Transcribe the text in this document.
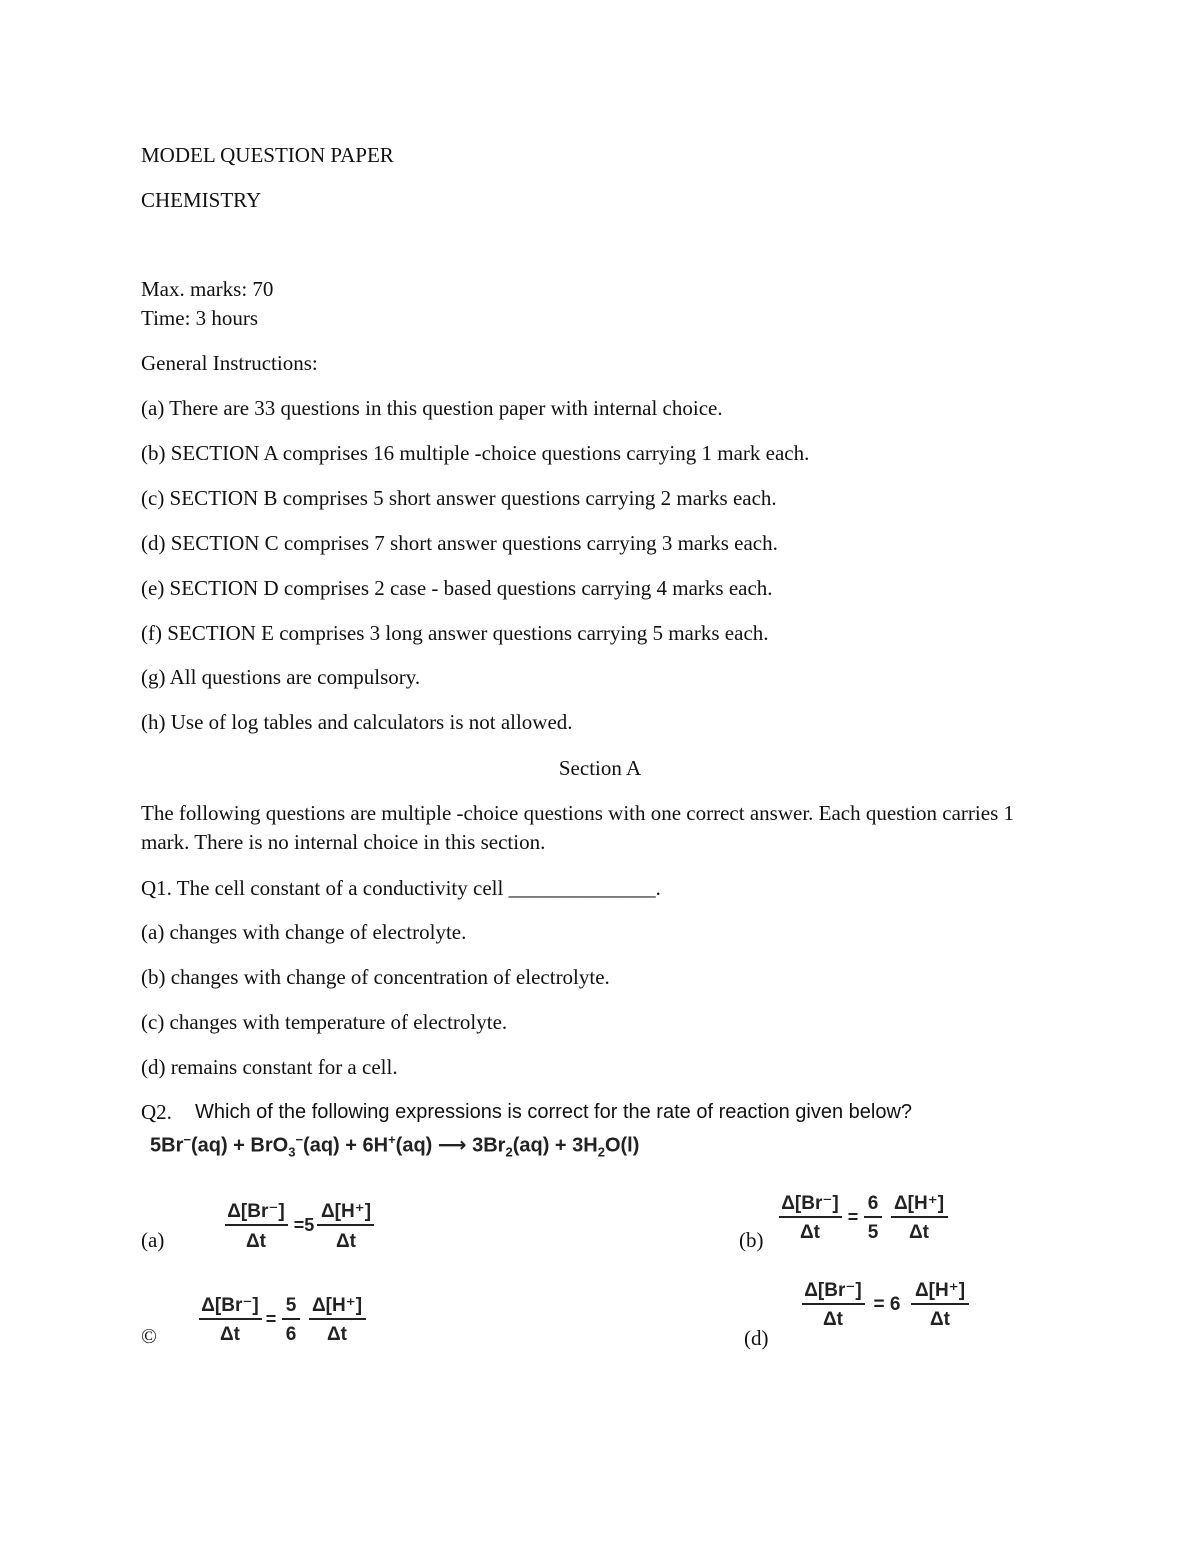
MODEL QUESTION PAPER
CHEMISTRY
Max. marks: 70
Time: 3 hours
General Instructions:
(a) There are 33 questions in this question paper with internal choice.
(b) SECTION A comprises 16 multiple -choice questions carrying 1 mark each.
(c) SECTION B comprises 5 short answer questions carrying 2 marks each.
(d) SECTION C comprises 7 short answer questions carrying 3 marks each.
(e) SECTION D comprises 2 case - based questions carrying 4 marks each.
(f) SECTION E comprises 3 long answer questions carrying 5 marks each.
(g) All questions are compulsory.
(h) Use of log tables and calculators is not allowed.
Section A
The following questions are multiple -choice questions with one correct answer. Each question carries 1 mark. There is no internal choice in this section.
Q1. The cell constant of a conductivity cell ______________.
(a) changes with change of electrolyte.
(b) changes with change of concentration of electrolyte.
(c) changes with temperature of electrolyte.
(d) remains constant for a cell.
Q2. Which of the following expressions is correct for the rate of reaction given below?
5Br−(aq) + BrO$_3$−(aq) + 6H+(aq) ⟶ $3Br_2(aq) + 3H_2O(l)$
(a)
Δ[Br⁻]
Δt
=5
Δ[H⁺]
Δt	(b)
Δ[Br⁻]
Δt
=
6
5
Δ[H⁺]
Δt
©
Δ[Br⁻]
Δt
=
5
6
Δ[H⁺]
Δt	(d)
Δ[Br⁻]
Δt
= 6
Δ[H⁺]
Δt
